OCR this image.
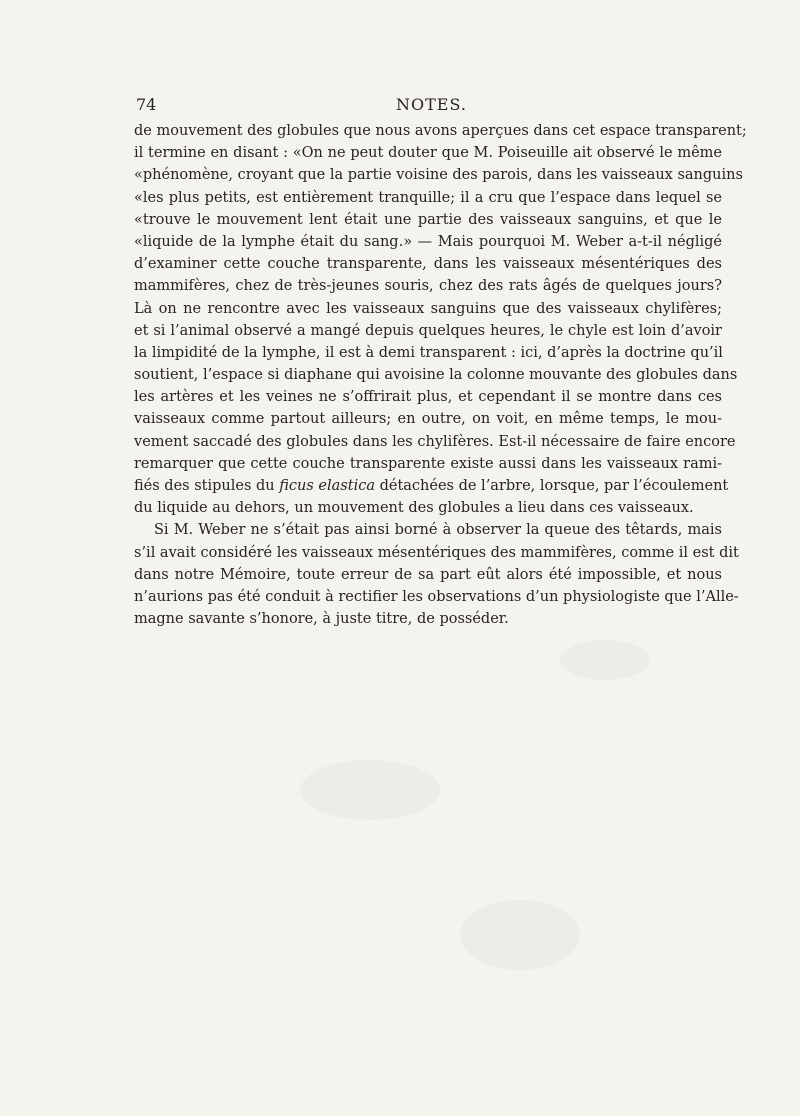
74	NOTES.
de mouvement des globules que nous avons aperçues dans cet espace transparent;
il termine en disant : «On ne peut douter que M. Poiseuille ait observé le même
«phénomène, croyant que la partie voisine des parois, dans les vaisseaux sanguins
«les plus petits, est entièrement tranquille; il a cru que l’espace dans lequel se
«trouve le mouvement lent était une partie des vaisseaux sanguins, et que le
«liquide de la lymphe était du sang.» — Mais pourquoi M. Weber a-t-il négligé
d’examiner cette couche transparente, dans les vaisseaux mésentériques des
mammifères, chez de très-jeunes souris, chez des rats âgés de quelques jours?
Là on ne rencontre avec les vaisseaux sanguins que des vaisseaux chylifères;
et si l’animal observé a mangé depuis quelques heures, le chyle est loin d’avoir
la limpidité de la lymphe, il est à demi transparent : ici, d’après la doctrine qu’il
soutient, l’espace si diaphane qui avoisine la colonne mouvante des globules dans
les artères et les veines ne s’offrirait plus, et cependant il se montre dans ces
vaisseaux comme partout ailleurs; en outre, on voit, en même temps, le mou-
vement saccadé des globules dans les chylifères. Est-il nécessaire de faire encore
remarquer que cette couche transparente existe aussi dans les vaisseaux rami-
fiés des stipules du ficus elastica détachées de l’arbre, lorsque, par l’écoulement
du liquide au dehors, un mouvement des globules a lieu dans ces vaisseaux.
Si M. Weber ne s’était pas ainsi borné à observer la queue des têtards, mais
s’il avait considéré les vaisseaux mésentériques des mammifères, comme il est dit
dans notre Mémoire, toute erreur de sa part eût alors été impossible, et nous
n’aurions pas été conduit à rectifier les observations d’un physiologiste que l’Alle-
magne savante s’honore, à juste titre, de posséder.
